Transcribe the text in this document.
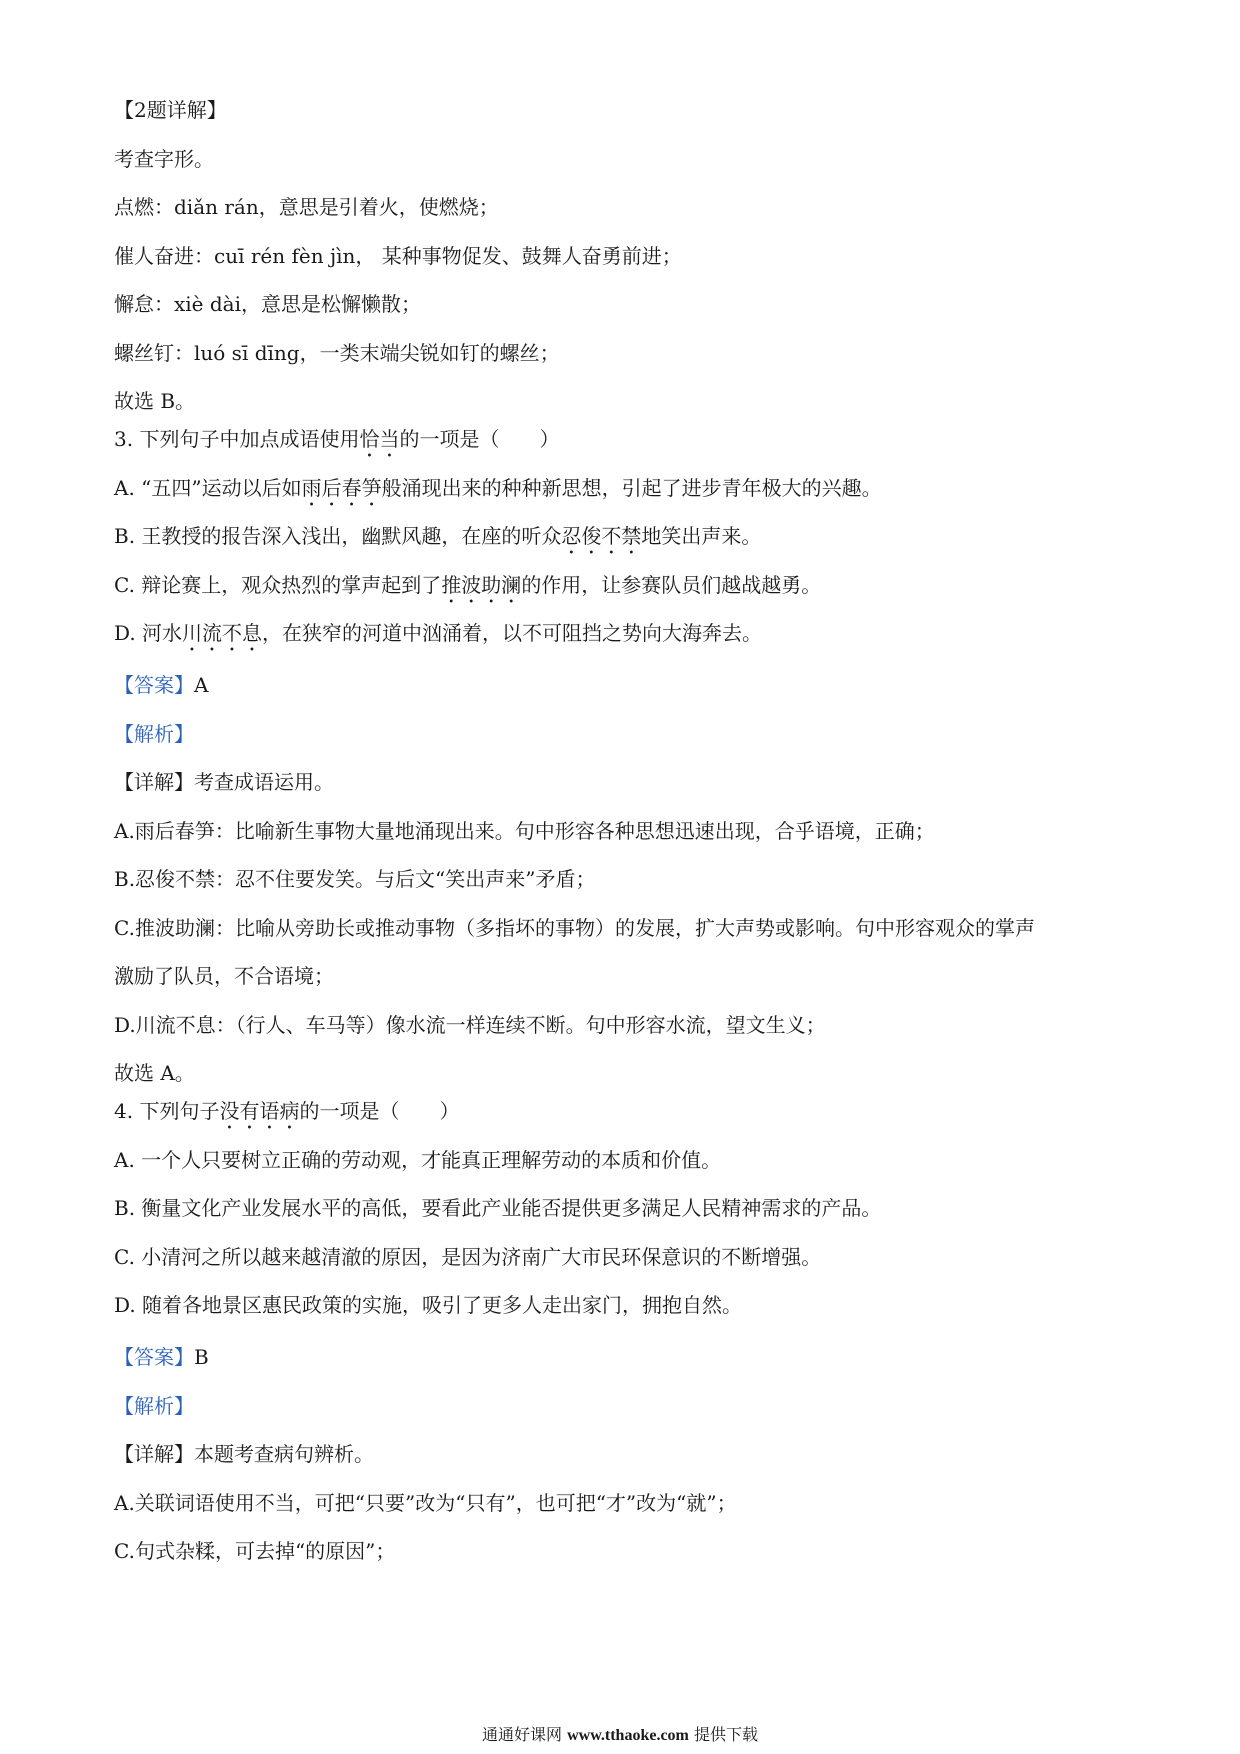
【2题详解】
考查字形。
点燃：diǎn rán，意思是引着火，使燃烧；
催人奋进：cuī rén fèn jìn， 某种事物促发、鼓舞人奋勇前进；
懈怠：xiè dài，意思是松懈懒散；
螺丝钉：luó sī dīng，一类末端尖锐如钉的螺丝；
故选 B。
3. 下列句子中加点成语使用恰当的一项是（　　）
A. “五四”运动以后如雨后春笋般涌现出来的种种新思想，引起了进步青年极大的兴趣。
B. 王教授的报告深入浅出，幽默风趣，在座的听众忍俊不禁地笑出声来。
C. 辩论赛上，观众热烈的掌声起到了推波助澜的作用，让参赛队员们越战越勇。
D. 河水川流不息，在狭窄的河道中汹涌着，以不可阻挡之势向大海奔去。
【答案】A
【解析】
【详解】考查成语运用。
A.雨后春笋：比喻新生事物大量地涌现出来。句中形容各种思想迅速出现，合乎语境，正确；
B.忍俊不禁：忍不住要发笑。与后文“笑出声来”矛盾；
C.推波助澜：比喻从旁助长或推动事物（多指坏的事物）的发展，扩大声势或影响。句中形容观众的掌声
激励了队员，不合语境；
D.川流不息：（行人、车马等）像水流一样连续不断。句中形容水流，望文生义；
故选 A。
4. 下列句子没有语病的一项是（　　）
A. 一个人只要树立正确的劳动观，才能真正理解劳动的本质和价值。
B. 衡量文化产业发展水平的高低，要看此产业能否提供更多满足人民精神需求的产品。
C. 小清河之所以越来越清澈的原因，是因为济南广大市民环保意识的不断增强。
D. 随着各地景区惠民政策的实施，吸引了更多人走出家门，拥抱自然。
【答案】B
【解析】
【详解】本题考查病句辨析。
A.关联词语使用不当，可把“只要”改为“只有”，也可把“才”改为“就”；
C.句式杂糅，可去掉“的原因”；
通通好课网 www.tthaoke.com 提供下载
